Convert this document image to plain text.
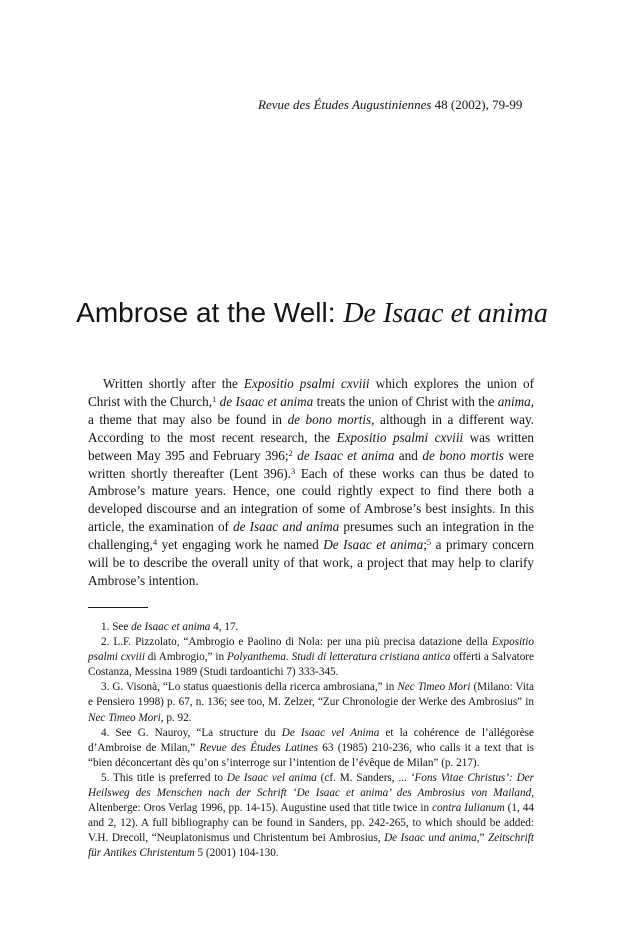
Revue des Études Augustiniennes 48 (2002), 79-99
Ambrose at the Well: De Isaac et anima

Written shortly after the Expositio psalmi cxviii which explores the union of Christ with the Church,$^1$ de Isaac et anima treats the union of Christ with the anima, a theme that may also be found in de bono mortis, although in a different way. According to the most recent research, the Expositio psalmi cxviii was written between May 395 and February 396;$^2$ de Isaac et anima and de bono mortis were written shortly thereafter (Lent 396).$^3$ Each of these works can thus be dated to Ambrose’s mature years. Hence, one could rightly expect to find there both a developed discourse and an integration of some of Ambrose’s best insights. In this article, the examination of de Isaac and anima presumes such an integration in the challenging,$^4$ yet engaging work he named De Isaac et anima;$^5$ a primary concern will be to describe the overall unity of that work, a project that may help to clarify Ambrose’s intention.

1. See de Isaac et anima 4, 17.

2. L.F. Pizzolato, “Ambrogio e Paolino di Nola: per una più precisa datazione della Expositio psalmi cxviii di Ambrogio,” in Polyanthema. Studi di letteratura cristiana antica offerti a Salvatore Costanza, Messina 1989 (Studi tardoantichi 7) 333-345.

3. G. Visonà, “Lo status quaestionis della ricerca ambrosiana,” in Nec Timeo Mori (Milano: Vita e Pensiero 1998) p. 67, n. 136; see too, M. Zelzer, “Zur Chronologie der Werke des Ambrosius” in Nec Timeo Mori, p. 92.

4. See G. Nauroy, “La structure du De Isaac vel Anima et la cohérence de l’allégorèse d’Ambroise de Milan,” Revue des Études Latines 63 (1985) 210-236, who calls it a text that is “bien déconcertant dès qu’on s’interroge sur l’intention de l’évêque de Milan” (p. 217).

5. This title is preferred to De Isaac vel anima (cf. M. Sanders, ... ‘Fons Vitae Christus’: Der Heilsweg des Menschen nach der Schrift ‘De Isaac et anima’ des Ambrosius von Mailand, Altenberge: Oros Verlag 1996, pp. 14-15). Augustine used that title twice in contra Iulianum (1, 44 and 2, 12). A full bibliography can be found in Sanders, pp. 242-265, to which should be added: V.H. Drecoll, “Neuplatonismus und Christentum bei Ambrosius, De Isaac und anima,” Zeitschrift für Antikes Christentum 5 (2001) 104-130.
